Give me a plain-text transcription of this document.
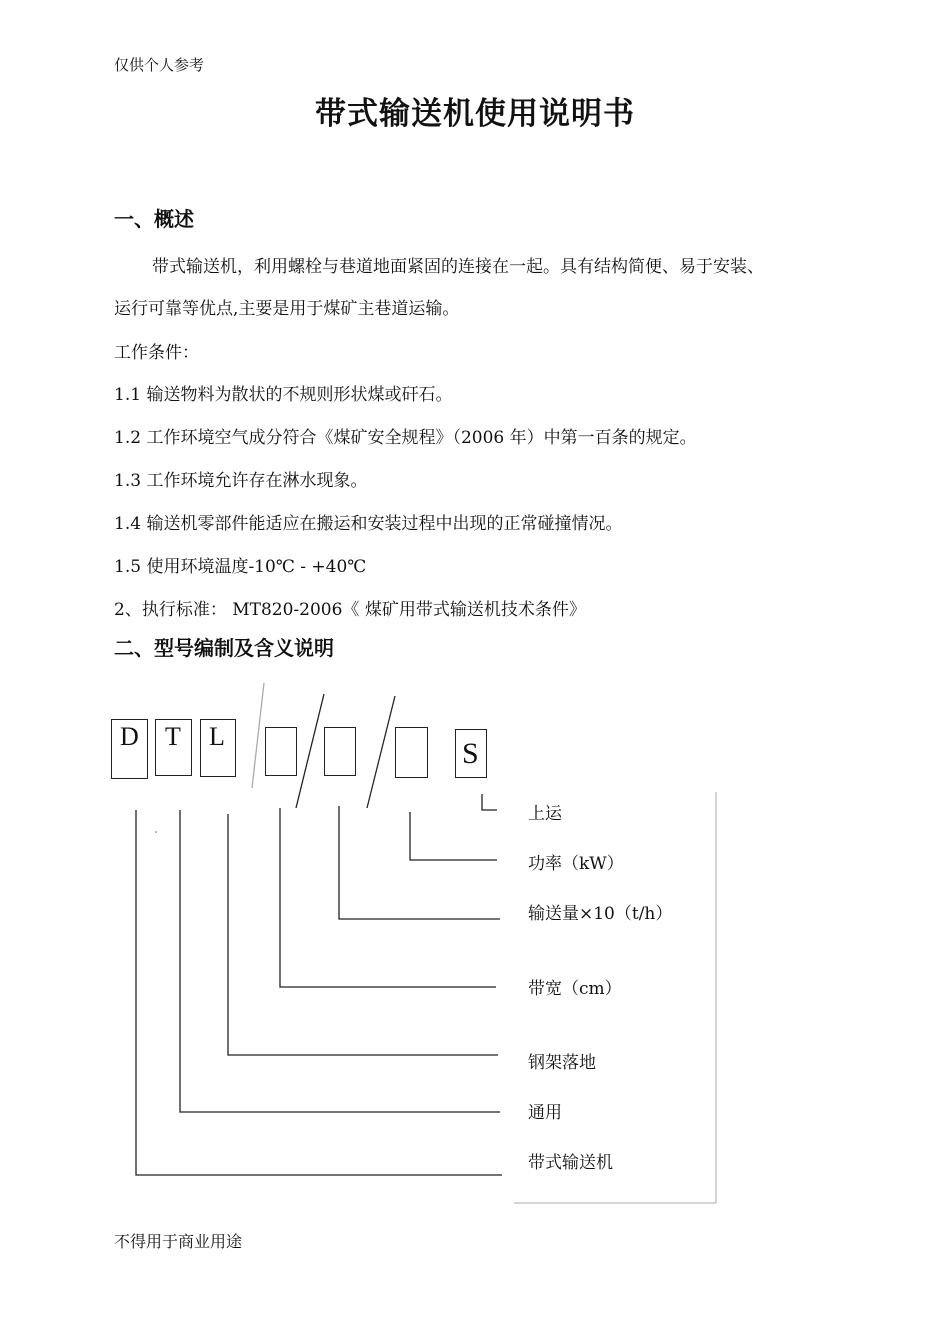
仅供个人参考
带式输送机使用说明书
一、概述
带式输送机，利用螺栓与巷道地面紧固的连接在一起。具有结构简便、易于安装、
运行可靠等优点,主要是用于煤矿主巷道运输。
工作条件：
1.1 输送物料为散状的不规则形状煤或矸石。
1.2 工作环境空气成分符合《煤矿安全规程》（2006 年）中第一百条的规定。
1.3 工作环境允许存在淋水现象。
1.4 输送机零部件能适应在搬运和安装过程中出现的正常碰撞情况。
1.5 使用环境温度-10℃ - +40℃
2、执行标准： MT820-2006《 煤矿用带式输送机技术条件》
二、型号编制及含义说明
D T L
S
上运
功率（kW）
输送量×10（t/h）
带宽（cm）
钢架落地
通用
带式输送机
不得用于商业用途
